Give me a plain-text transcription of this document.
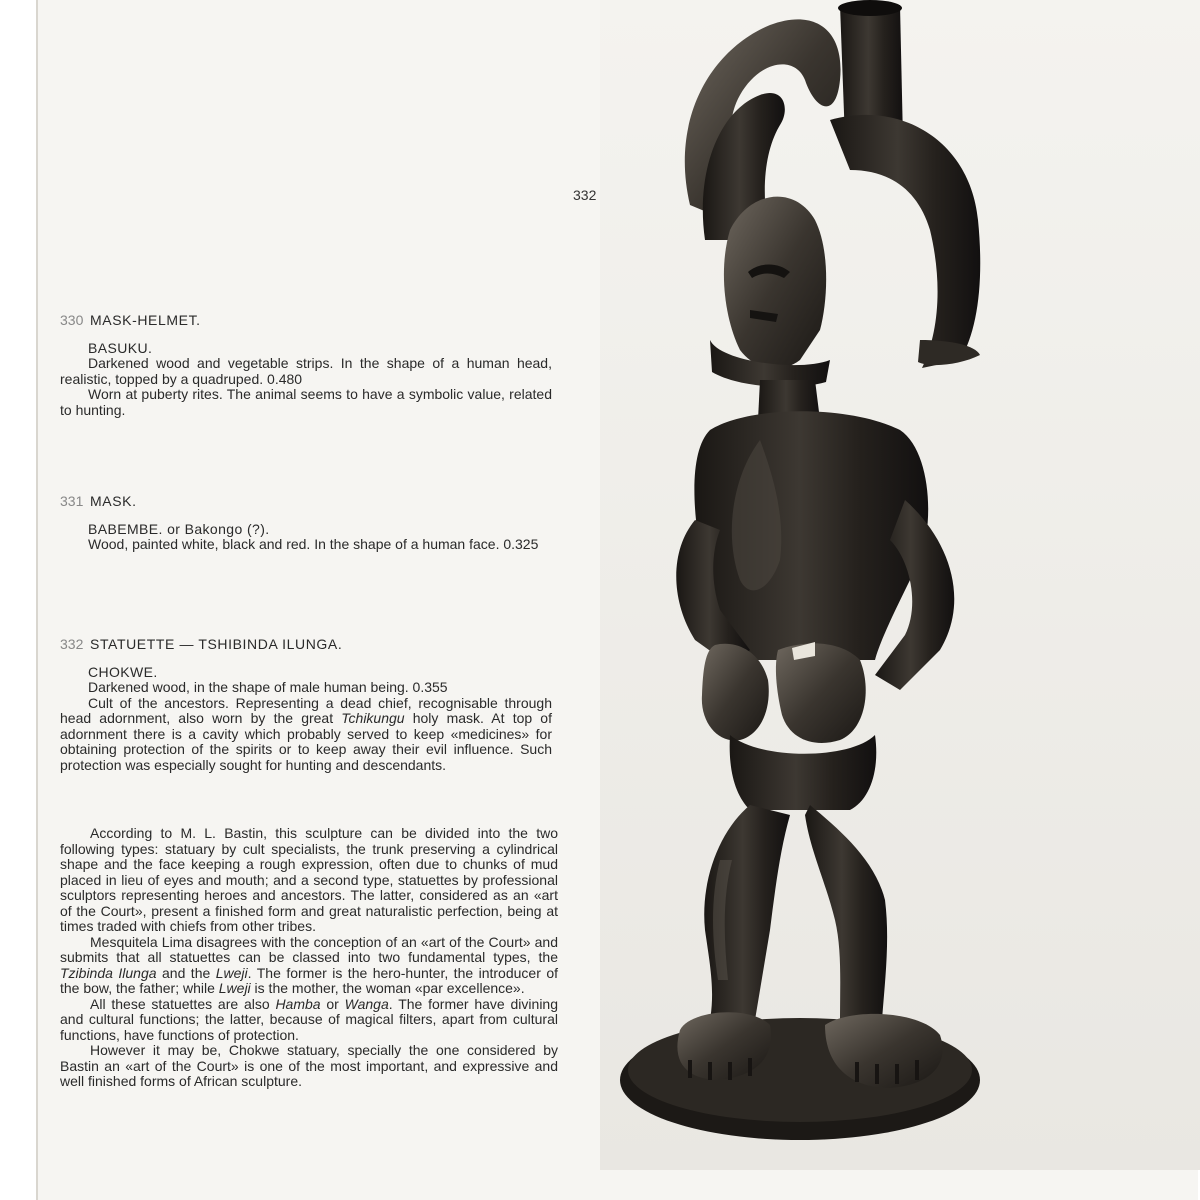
332
330 MASK-HELMET.
BASUKU.

Darkened wood and vegetable strips. In the shape of a human head, realistic, topped by a quadruped. 0.480

Worn at puberty rites. The animal seems to have a symbolic value, related to hunting.

331 MASK.
BABEMBE. or Bakongo (?).

Wood, painted white, black and red. In the shape of a human face. 0.325

332 STATUETTE — TSHIBINDA ILUNGA.
CHOKWE.

Darkened wood, in the shape of male human being. 0.355

Cult of the ancestors. Representing a dead chief, recognisable through head adornment, also worn by the great Tchikungu holy mask. At top of adornment there is a cavity which probably served to keep «medicines» for obtaining protection of the spirits or to keep away their evil influence. Such protection was especially sought for hunting and descendants.

According to M. L. Bastin, this sculpture can be divided into the two following types: statuary by cult specialists, the trunk preserving a cylindrical shape and the face keeping a rough expression, often due to chunks of mud placed in lieu of eyes and mouth; and a second type, statuettes by professional sculptors representing heroes and ancestors. The latter, considered as an «art of the Court», present a finished form and great naturalistic perfection, being at times traded with chiefs from other tribes.

Mesquitela Lima disagrees with the conception of an «art of the Court» and submits that all statuettes can be classed into two fundamental types, the Tzibinda Ilunga and the Lweji. The former is the hero-hunter, the introducer of the bow, the father; while Lweji is the mother, the woman «par excellence».

All these statuettes are also Hamba or Wanga. The former have divining and cultural functions; the latter, because of magical filters, apart from cultural functions, have functions of protection.

However it may be, Chokwe statuary, specially the one considered by Bastin an «art of the Court» is one of the most important, and expressive and well finished forms of African sculpture.
